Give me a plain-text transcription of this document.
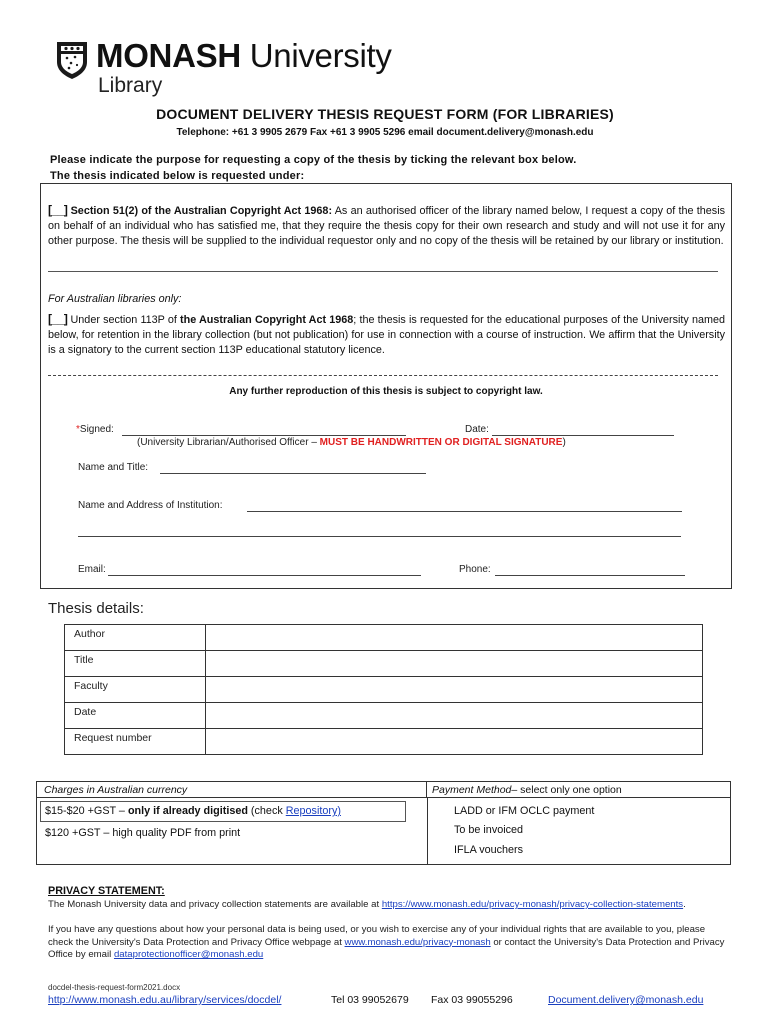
MONASH University
Library
DOCUMENT DELIVERY THESIS REQUEST FORM (FOR LIBRARIES)
Telephone: +61 3 9905 2679 Fax +61 3 9905 5296 email document.delivery@monash.edu
Please indicate the purpose for requesting a copy of the thesis by ticking the relevant box below.
The thesis indicated below is requested under:
[__] Section 51(2) of the Australian Copyright Act 1968: As an authorised officer of the library named below, I request a copy of the thesis on behalf of an individual who has satisfied me, that they require the thesis copy for their own research and study and will not use it for any other purpose. The thesis will be supplied to the individual requestor only and no copy of the thesis will be retained by our library or institution.
For Australian libraries only:
[__] Under section 113P of the Australian Copyright Act 1968; the thesis is requested for the educational purposes of the University named below, for retention in the library collection (but not publication) for use in connection with a course of instruction. We affirm that the University is a signatory to the current section 113P educational statutory licence.
Any further reproduction of this thesis is subject to copyright law.
*Signed:	Date:
(University Librarian/Authorised Officer – MUST BE HANDWRITTEN OR DIGITAL SIGNATURE)
Name and Title:
Name and Address of Institution:
Email:	Phone:
Thesis details:
Author	
Title	
Faculty	
Date	
Request number	
Charges in Australian currency	Payment Method– select only one option
$15-$20 +GST – only if already digitised (check Repository)
$120 +GST – high quality PDF from print
LADD or IFM OCLC payment
To be invoiced
IFLA vouchers
PRIVACY STATEMENT:
The Monash University data and privacy collection statements are available at https://www.monash.edu/privacy-monash/privacy-collection-statements.
If you have any questions about how your personal data is being used, or you wish to exercise any of your individual rights that are available to you, please check the University's Data Protection and Privacy Office webpage at www.monash.edu/privacy-monash or contact the University's Data Protection and Privacy Office by email dataprotectionofficer@monash.edu
docdel-thesis-request-form2021.docx
http://www.monash.edu.au/library/services/docdel/	Tel 03 99052679 Fax 03 99055296	Document.delivery@monash.edu
